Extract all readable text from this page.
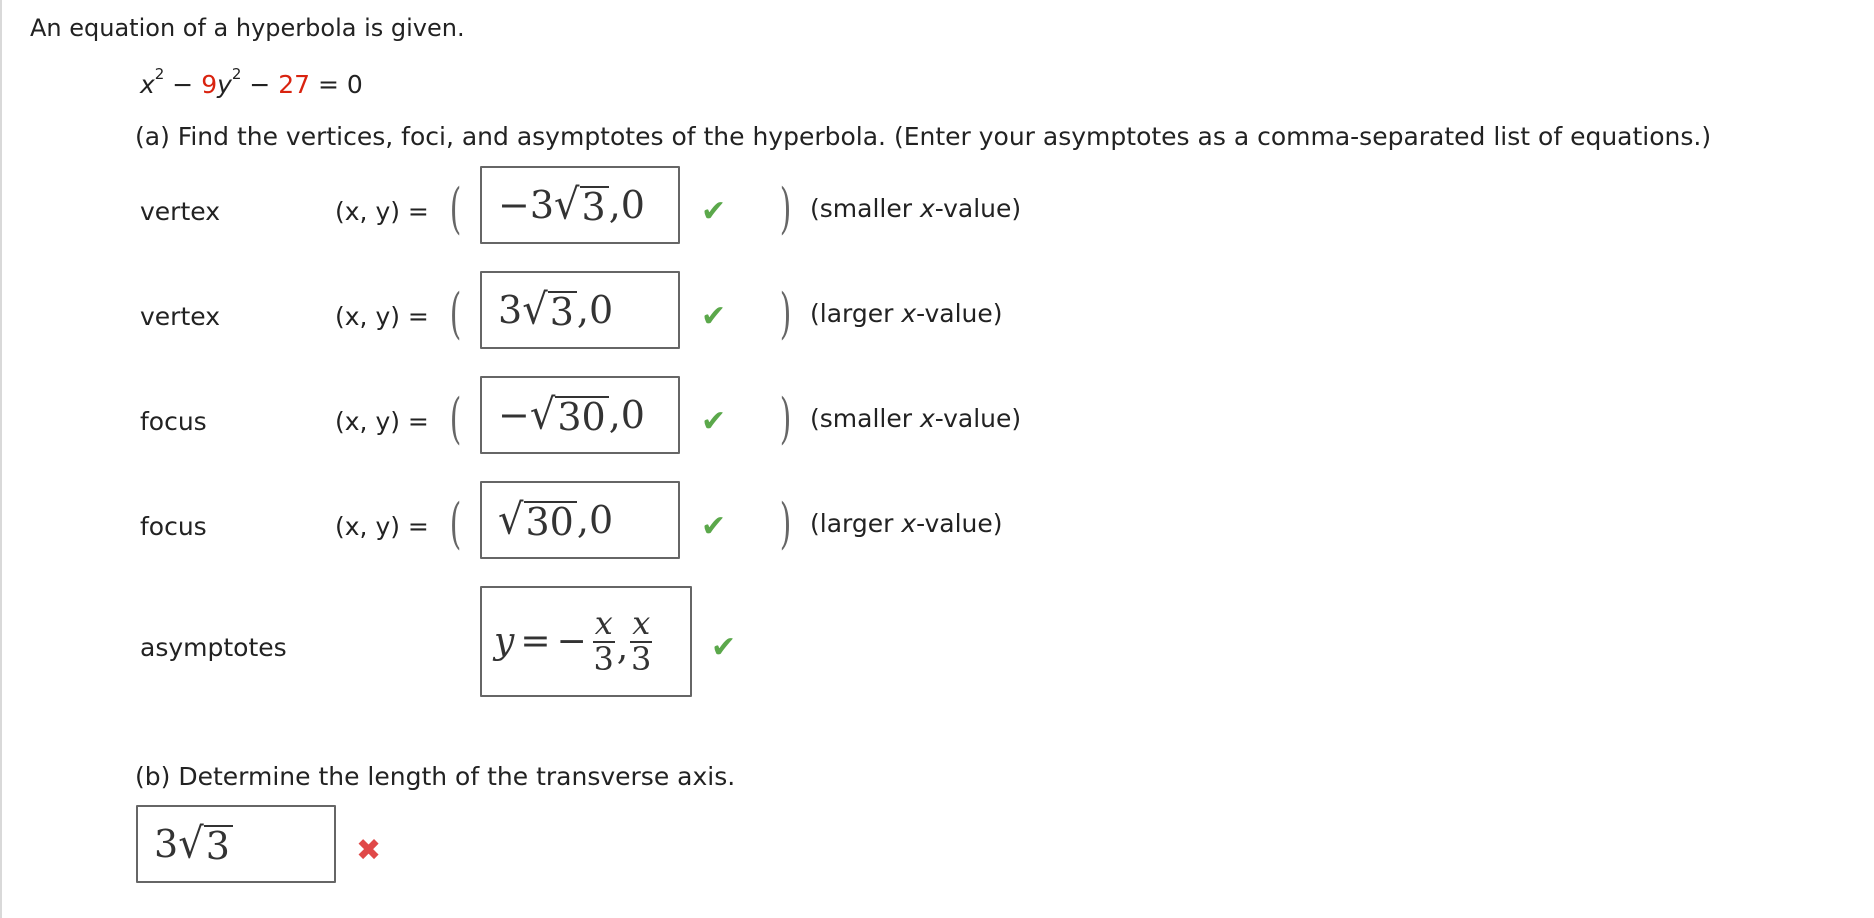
An equation of a hyperbola is given.
$x^2 - 9y^2 - 27 = 0$
(a) Find the vertices, foci, and asymptotes of the hyperbola. (Enter your asymptotes as a comma-separated list of equations.)
vertex	(x, y) = ( −3 √ 3 ,0 ✔ ) (smaller x-value)
vertex	(x, y) = ( 3 √ 3 ,0	✔ ) (larger x-value)
focus	(x, y) = ( − √ 30 ,0 ✔ ) (smaller x-value)
focus	(x, y) = ( √ 30 ,0	✔ ) (larger x-value)
asymptotes	y = − $\frac{x}{3}$ , $\frac{x}{3}$ ✔
(b) Determine the length of the transverse axis.
3 √ 3	✖
